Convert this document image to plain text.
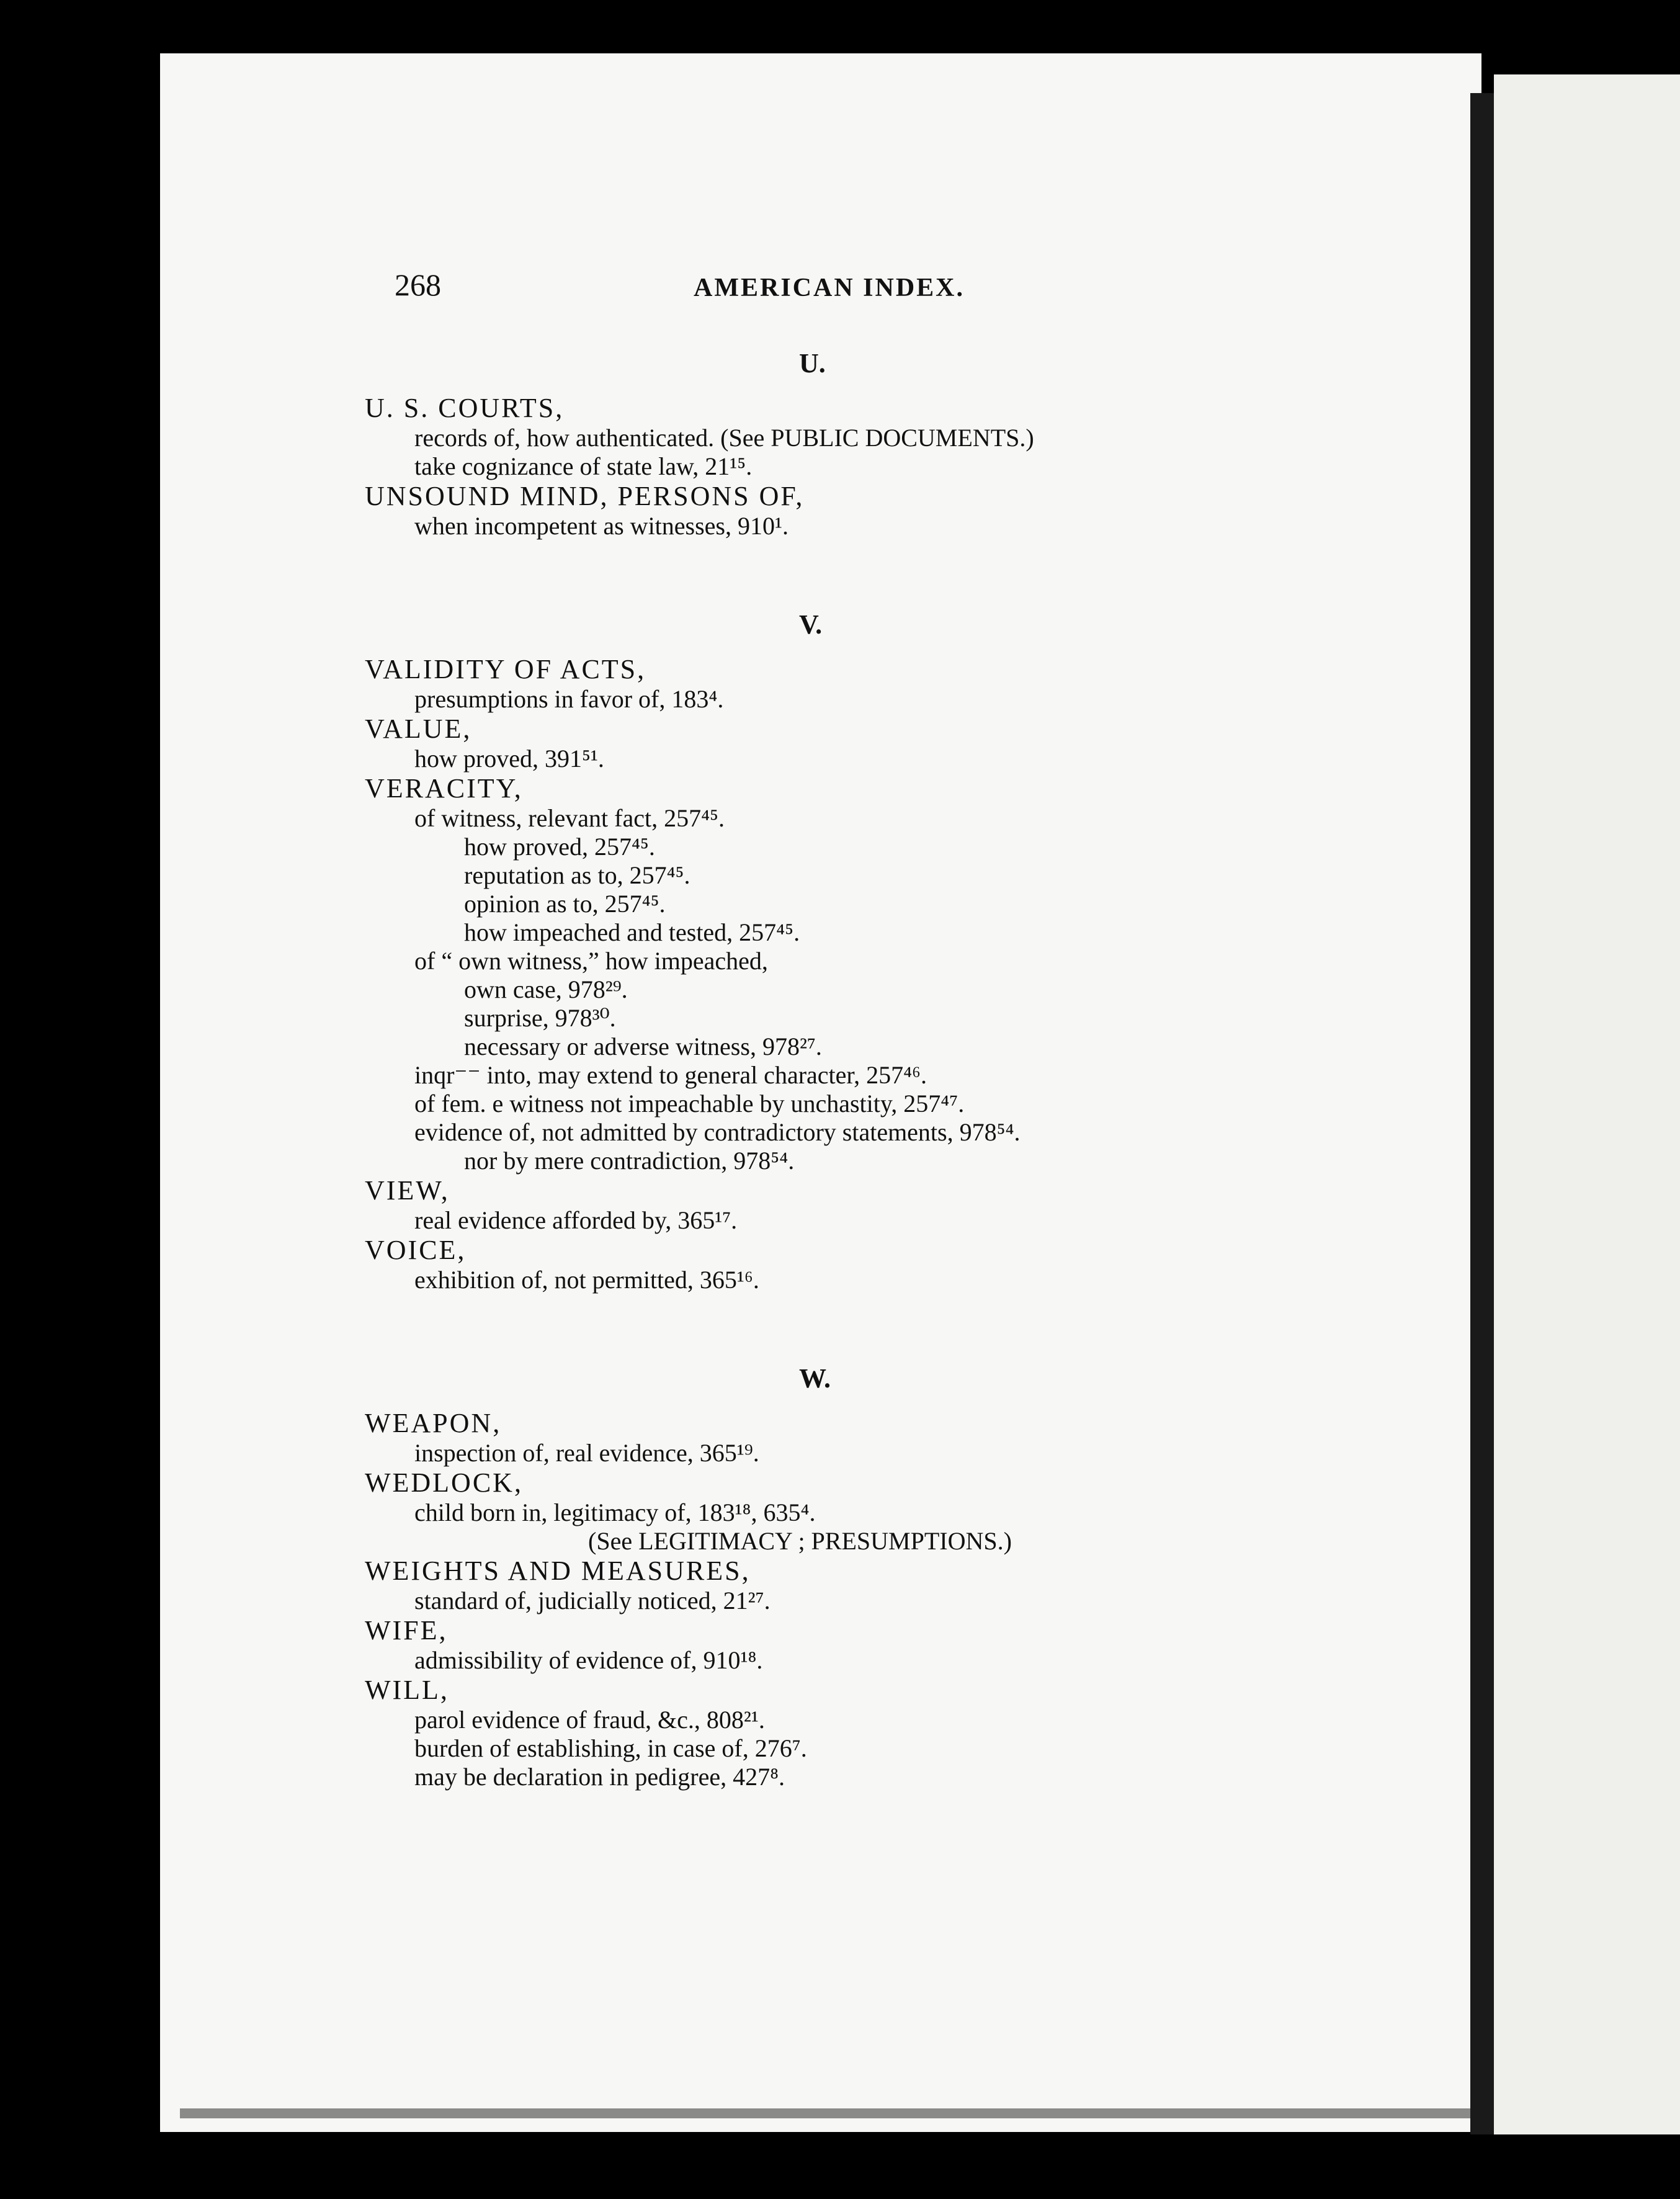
268	AMERICAN INDEX.
U.
U. S. COURTS,
records of, how authenticated. (See PUBLIC DOCUMENTS.)
take cognizance of state law, 21¹⁵.
UNSOUND MIND, PERSONS OF,
when incompetent as witnesses, 910¹.
V.
VALIDITY OF ACTS,
presumptions in favor of, 183⁴.
VALUE,
how proved, 391⁵¹.
VERACITY,
of witness, relevant fact, 257⁴⁵.
how proved, 257⁴⁵.
reputation as to, 257⁴⁵.
opinion as to, 257⁴⁵.
how impeached and tested, 257⁴⁵.
of “ own witness,” how impeached,
own case, 978²⁹.
surprise, 978³⁰.
necessary or adverse witness, 978²⁷.
inqr⁻⁻ into, may extend to general character, 257⁴⁶.
of fem. e witness not impeachable by unchastity, 257⁴⁷.
evidence of, not admitted by contradictory statements, 978⁵⁴.
nor by mere contradiction, 978⁵⁴.
VIEW,
real evidence afforded by, 365¹⁷.
VOICE,
exhibition of, not permitted, 365¹⁶.
W.
WEAPON,
inspection of, real evidence, 365¹⁹.
WEDLOCK,
child born in, legitimacy of, 183¹⁸, 635⁴.
(See LEGITIMACY ; PRESUMPTIONS.)
WEIGHTS AND MEASURES,
standard of, judicially noticed, 21²⁷.
WIFE,
admissibility of evidence of, 910¹⁸.
WILL,
parol evidence of fraud, &c., 808²¹.
burden of establishing, in case of, 276⁷.
may be declaration in pedigree, 427⁸.
